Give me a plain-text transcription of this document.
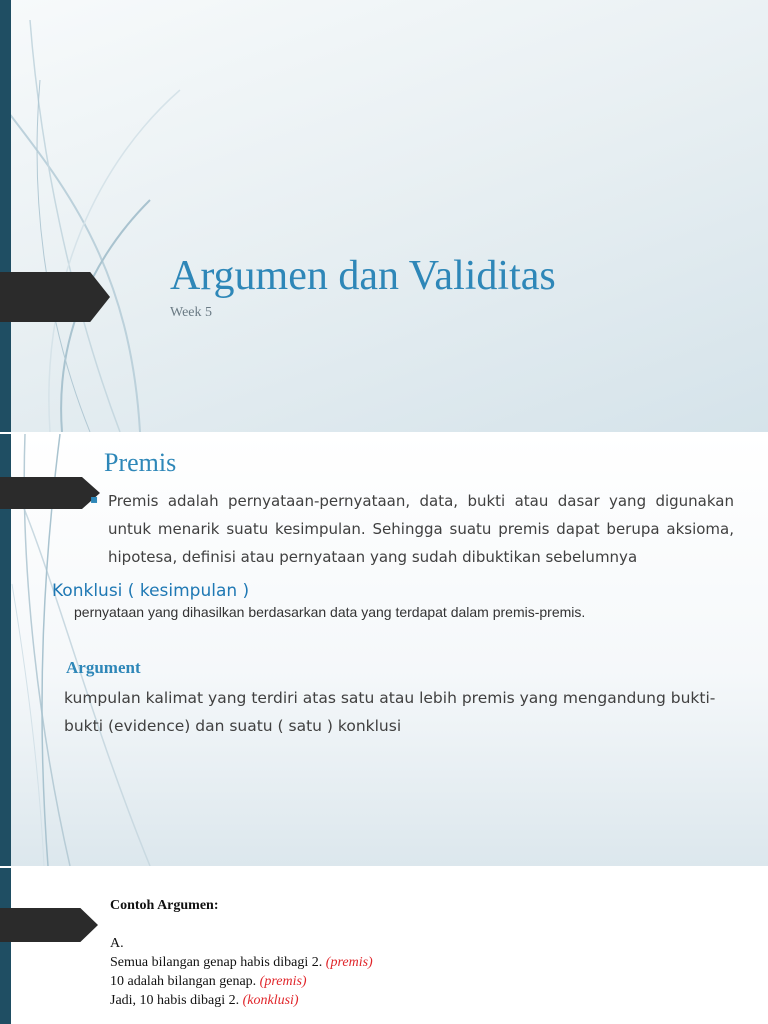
Argumen dan Validitas
Week 5
Premis
▪ Premis adalah pernyataan-pernyataan, data, bukti atau dasar yang digunakan untuk menarik suatu kesimpulan. Sehingga suatu premis dapat berupa aksioma, hipotesa, definisi atau pernyataan yang sudah dibuktikan sebelumnya

Konklusi ( kesimpulan )

pernyataan yang dihasilkan berdasarkan data yang terdapat dalam premis-premis.

Argument

kumpulan kalimat yang terdiri atas satu atau lebih premis yang mengandung bukti-bukti (evidence) dan suatu ( satu ) konklusi

Contoh Argumen:
A.
Semua bilangan genap habis dibagi 2. (premis)
10 adalah bilangan genap. (premis)
Jadi, 10 habis dibagi 2. (konklusi)
